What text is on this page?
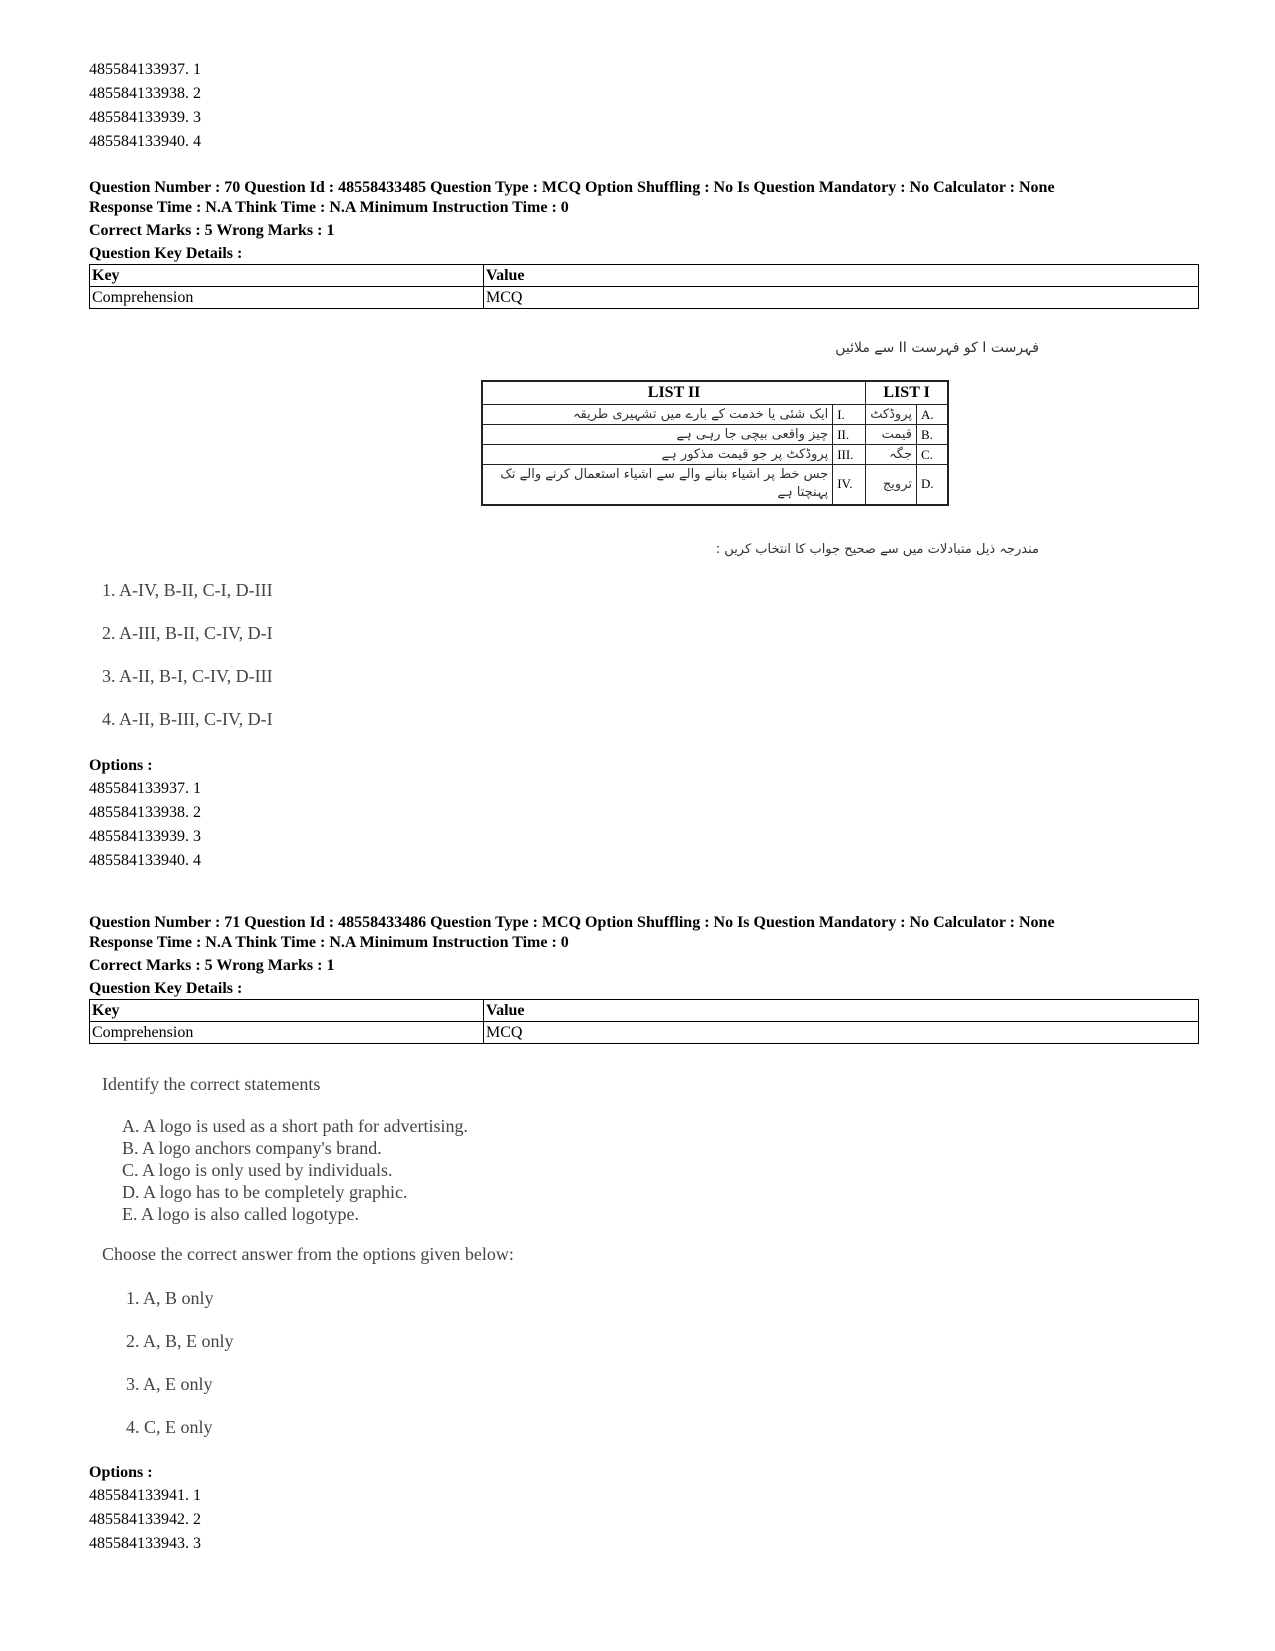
485584133937. 1
485584133938. 2
485584133939. 3
485584133940. 4
Question Number : 70 Question Id : 48558433485 Question Type : MCQ Option Shuffling : No Is Question Mandatory : No Calculator : None
Response Time : N.A Think Time : N.A Minimum Instruction Time : 0
Correct Marks : 5 Wrong Marks : 1
Question Key Details :
Key	Value
Comprehension	MCQ
فہرست I کو فہرست II سے ملائیں
LIST II		LIST I	
ایک شئی یا خدمت کے بارے میں تشہیری طریقہ	I.	پروڈکٹ	A.
چیز واقعی بیچی جا رہی ہے	II.	قیمت	B.
پروڈکٹ پر جو قیمت مذکور ہے	III.	جگہ	C.
جس خط پر اشیاء بنانے والے سے اشیاء استعمال کرنے والے تک پہنچتا ہے	IV.	ترویج	D.
مندرجہ ذیل متبادلات میں سے صحیح جواب کا انتخاب کریں :
1. A-IV, B-II, C-I, D-III
2. A-III, B-II, C-IV, D-I
3. A-II, B-I, C-IV, D-III
4. A-II, B-III, C-IV, D-I
Options :
485584133937. 1
485584133938. 2
485584133939. 3
485584133940. 4
Question Number : 71 Question Id : 48558433486 Question Type : MCQ Option Shuffling : No Is Question Mandatory : No Calculator : None
Response Time : N.A Think Time : N.A Minimum Instruction Time : 0
Correct Marks : 5 Wrong Marks : 1
Question Key Details :
Key	Value
Comprehension	MCQ
Identify the correct statements
A. A logo is used as a short path for advertising.
B. A logo anchors company's brand.
C. A logo is only used by individuals.
D. A logo has to be completely graphic.
E. A logo is also called logotype.
Choose the correct answer from the options given below:
1. A, B only
2. A, B, E only
3. A, E only
4. C, E only
Options :
485584133941. 1
485584133942. 2
485584133943. 3
